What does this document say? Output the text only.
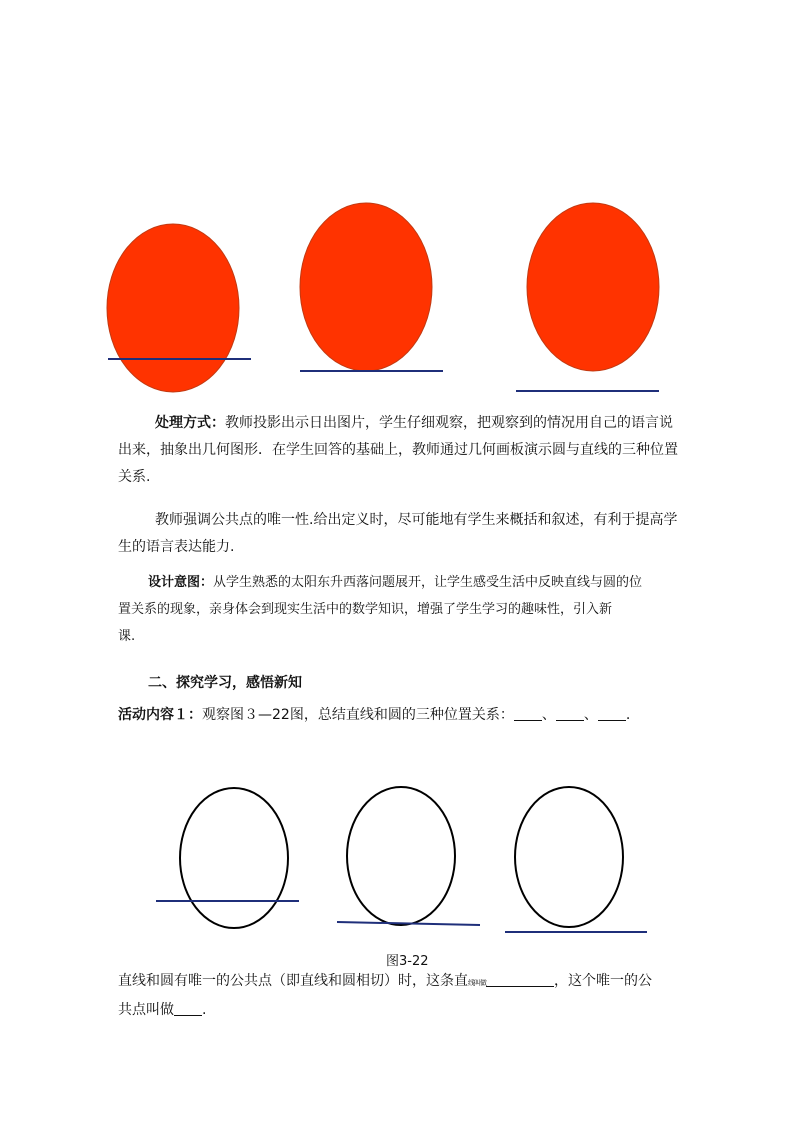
处理方式：教师投影出示日出图片，学生仔细观察，把观察到的情况用自己的语言说
出来，抽象出几何图形．在学生回答的基础上，教师通过几何画板演示圆与直线的三种位置
关系.
教师强调公共点的唯一性.给出定义时，尽可能地有学生来概括和叙述，有利于提高学
生的语言表达能力.
设计意图：从学生熟悉的太阳东升西落问题展开，让学生感受生活中反映直线与圆的位
置关系的现象，亲身体会到现实生活中的数学知识，增强了学生学习的趣味性，引入新
课.
二、探究学习，感悟新知
活动内容１：观察图３—22图，总结直线和圆的三种位置关系： 、 、 .
图3-22
直线和圆有唯一的公共点（即直线和圆相切）时，这条直线叫做	，这个唯一的公
共点叫做 .
